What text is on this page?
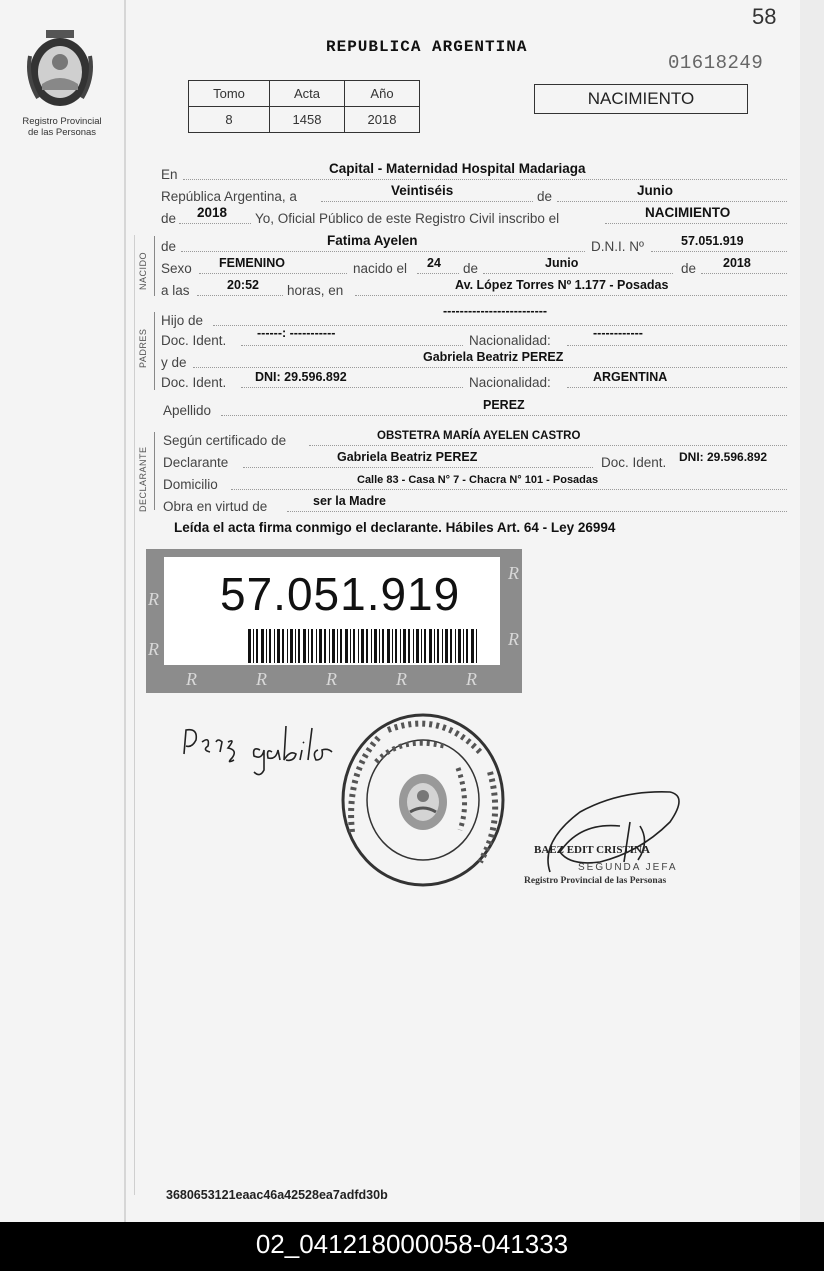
58
Registro Provincial
de las Personas
REPUBLICA ARGENTINA
01618249
Tomo	Acta	Año
8	1458	2018
NACIMIENTO
NACIDO
PADRES
DECLARANTE
En	Capital - Maternidad Hospital Madariaga
República Argentina, a	Veintiséis	de	Junio
de 2018 Yo, Oficial Público de este Registro Civil inscribo el	NACIMIENTO
de	Fatima Ayelen	D.N.I. Nº	57.051.919
Sexo FEMENINO	nacido el 24 de	Junio	de 2018
a las	20:52 horas, en	Av. López Torres Nº 1.177 - Posadas
Hijo de
-------------------------
Doc. Ident. ------: -----------	Nacionalidad:	------------
y de	Gabriela Beatriz PEREZ
Doc. Ident. DNI: 29.596.892	Nacionalidad:	ARGENTINA
Apellido	PEREZ
Según certificado de	OBSTETRA MARÍA AYELEN CASTRO
Declarante	Gabriela Beatriz PEREZ	Doc. Ident. DNI: 29.596.892
Domicilio	Calle 83 - Casa N° 7 - Chacra N° 101 - Posadas
Obra en virtud de	ser la Madre
Leída el acta firma conmigo el declarante. Hábiles Art. 64 - Ley 26994
R
R
R
R
R	R	R	R	R
57.051.919
BAEZ EDIT CRISTINA
SEGUNDA JEFA
Registro Provincial de las Personas
3680653121eaac46a42528ea7adfd30b
02_041218000058-041333
